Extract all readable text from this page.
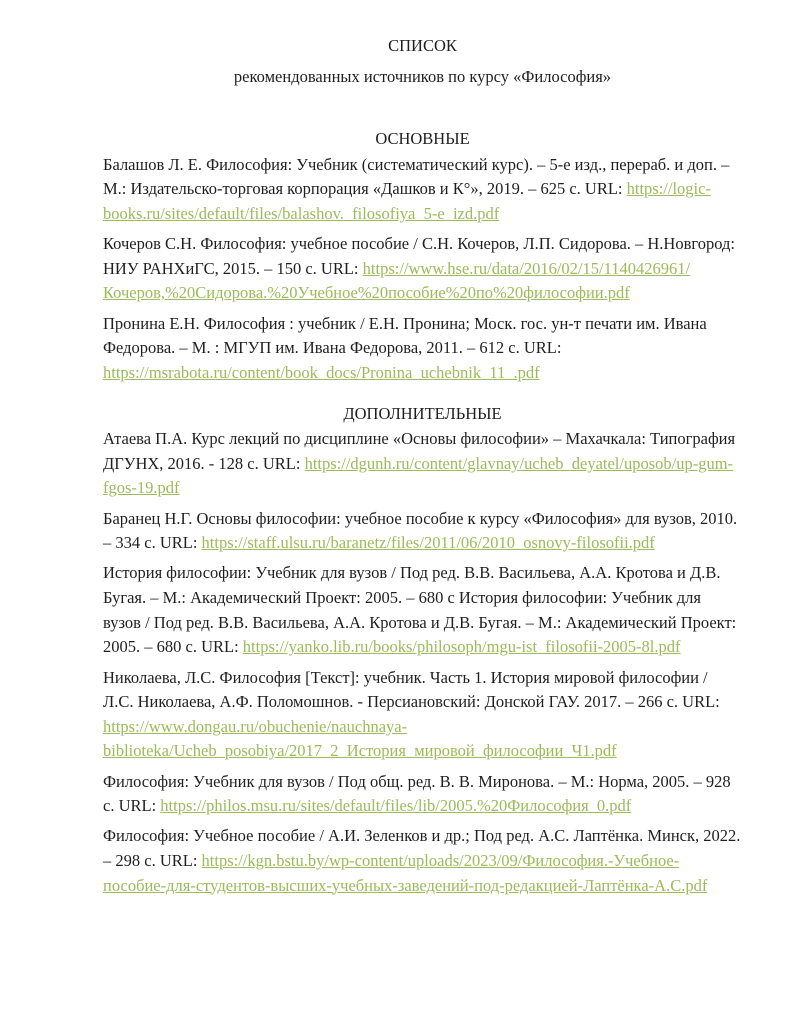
СПИСОК

рекомендованных источников по курсу «Философия»

ОСНОВНЫЕ

Балашов Л. Е. Философия: Учебник (систематический курс). – 5-е изд., перераб. и доп. – М.: Издательско-торговая корпорация «Дашков и К°», 2019. – 625 с. URL: https://logic-books.ru/sites/default/files/balashov._filosofiya_5-e_izd.pdf

Кочеров С.Н. Философия: учебное пособие / С.Н. Кочеров, Л.П. Сидорова. – Н.Новгород: НИУ РАНХиГС, 2015. – 150 с. URL: https://www.hse.ru/data/2016/02/15/1140426961/Кочеров,%20Сидорова.%20Учебное%20пособие%20по%20философии.pdf

Пронина Е.Н. Философия : учебник / Е.Н. Пронина; Моск. гос. ун-т печати им. Ивана Федорова. – М. : МГУП им. Ивана Федорова, 2011. – 612 с. URL: https://msrabota.ru/content/book_docs/Pronina_uchebnik_11_.pdf

ДОПОЛНИТЕЛЬНЫЕ

Атаева П.А. Курс лекций по дисциплине «Основы философии» – Махачкала: Типография ДГУНХ, 2016. - 128 с. URL: https://dgunh.ru/content/glavnay/ucheb_deyatel/uposob/up-gum-fgos-19.pdf

Баранец Н.Г. Основы философии: учебное пособие к курсу «Философия» для вузов, 2010. – 334 с. URL: https://staff.ulsu.ru/baranetz/files/2011/06/2010_osnovy-filosofii.pdf

История философии: Учебник для вузов / Под ред. В.В. Васильева, А.А. Кротова и Д.В. Бугая. – М.: Академический Проект: 2005. – 680 с История философии: Учебник для вузов / Под ред. В.В. Васильева, А.А. Кротова и Д.В. Бугая. – М.: Академический Проект: 2005. – 680 с. URL: https://yanko.lib.ru/books/philosoph/mgu-ist_filosofii-2005-8l.pdf

Николаева, Л.С. Философия [Текст]: учебник. Часть 1. История мировой философии / Л.С. Николаева, А.Ф. Поломошнов. - Персиановский: Донской ГАУ. 2017. – 266 с. URL: https://www.dongau.ru/obuchenie/nauchnaya-biblioteka/Ucheb_posobiya/2017_2_История_мировой_философии_Ч1.pdf

Философия: Учебник для вузов / Под общ. ред. В. В. Миронова. – М.: Норма, 2005. – 928 с. URL: https://philos.msu.ru/sites/default/files/lib/2005.%20Философия_0.pdf

Философия: Учебное пособие / А.И. Зеленков и др.; Под ред. А.С. Лаптёнка. Минск, 2022. – 298 с. URL: https://kgn.bstu.by/wp-content/uploads/2023/09/Философия.-Учебное-пособие-для-студентов-высших-учебных-заведений-под-редакцией-Лаптёнка-А.С.pdf
